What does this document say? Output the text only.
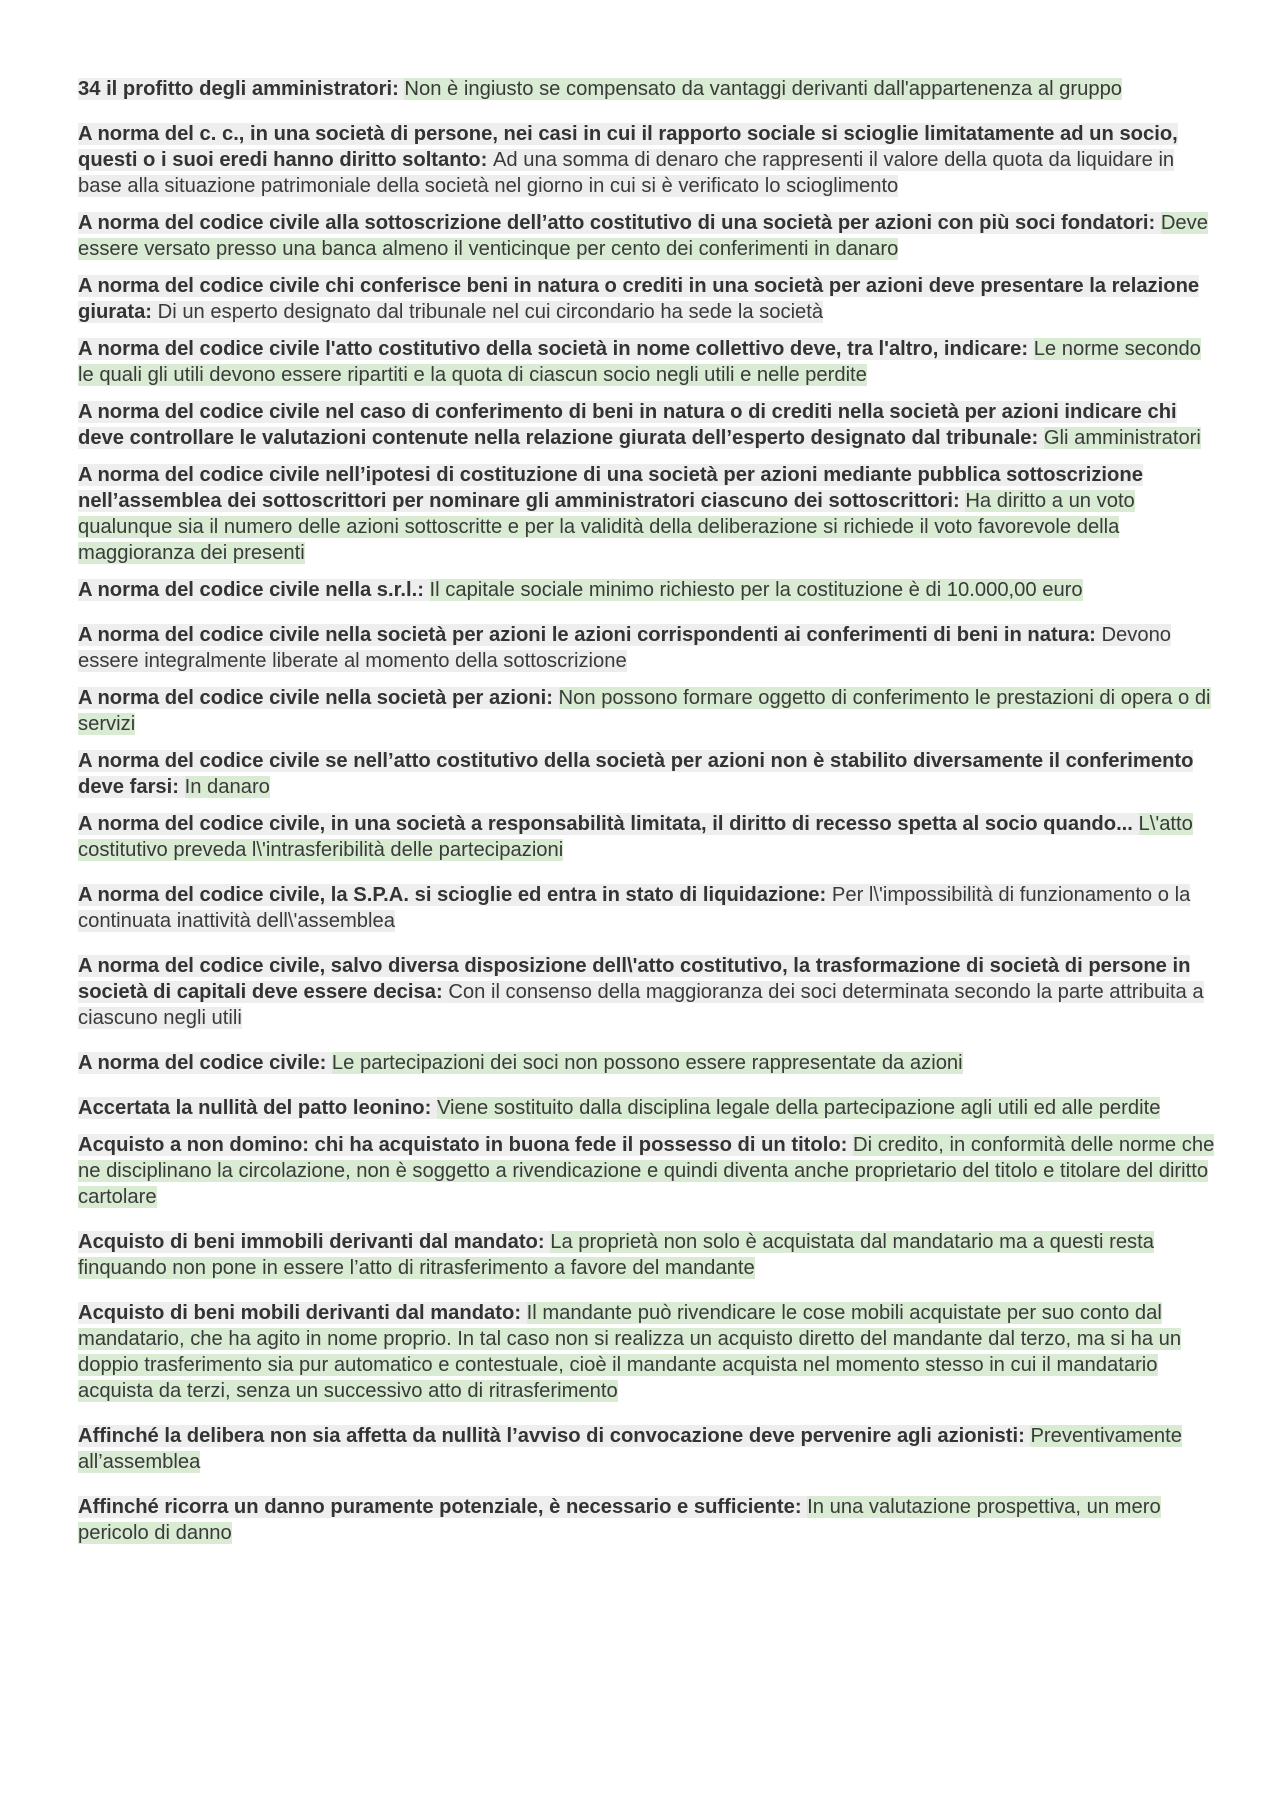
34 il profitto degli amministratori: Non è ingiusto se compensato da vantaggi derivanti dall'appartenenza al gruppo

A norma del c. c., in una società di persone, nei casi in cui il rapporto sociale si scioglie limitatamente ad un socio, questi o i suoi eredi hanno diritto soltanto: Ad una somma di denaro che rappresenti il valore della quota da liquidare in base alla situazione patrimoniale della società nel giorno in cui si è verificato lo scioglimento

A norma del codice civile alla sottoscrizione dell’atto costitutivo di una società per azioni con più soci fondatori: Deve essere versato presso una banca almeno il venticinque per cento dei conferimenti in danaro

A norma del codice civile chi conferisce beni in natura o crediti in una società per azioni deve presentare la relazione giurata: Di un esperto designato dal tribunale nel cui circondario ha sede la società

A norma del codice civile l'atto costitutivo della società in nome collettivo deve, tra l'altro, indicare: Le norme secondo le quali gli utili devono essere ripartiti e la quota di ciascun socio negli utili e nelle perdite

A norma del codice civile nel caso di conferimento di beni in natura o di crediti nella società per azioni indicare chi deve controllare le valutazioni contenute nella relazione giurata dell’esperto designato dal tribunale: Gli amministratori

A norma del codice civile nell’ipotesi di costituzione di una società per azioni mediante pubblica sottoscrizione nell’assemblea dei sottoscrittori per nominare gli amministratori ciascuno dei sottoscrittori: Ha diritto a un voto qualunque sia il numero delle azioni sottoscritte e per la validità della deliberazione si richiede il voto favorevole della maggioranza dei presenti

A norma del codice civile nella s.r.l.: Il capitale sociale minimo richiesto per la costituzione è di 10.000,00 euro

A norma del codice civile nella società per azioni le azioni corrispondenti ai conferimenti di beni in natura: Devono essere integralmente liberate al momento della sottoscrizione

A norma del codice civile nella società per azioni: Non possono formare oggetto di conferimento le prestazioni di opera o di servizi

A norma del codice civile se nell’atto costitutivo della società per azioni non è stabilito diversamente il conferimento deve farsi: In danaro

A norma del codice civile, in una società a responsabilità limitata, il diritto di recesso spetta al socio quando... L\'atto costitutivo preveda l\'intrasferibilità delle partecipazioni

A norma del codice civile, la S.P.A. si scioglie ed entra in stato di liquidazione: Per l\'impossibilità di funzionamento o la continuata inattività dell\'assemblea

A norma del codice civile, salvo diversa disposizione dell\'atto costitutivo, la trasformazione di società di persone in società di capitali deve essere decisa: Con il consenso della maggioranza dei soci determinata secondo la parte attribuita a ciascuno negli utili

A norma del codice civile: Le partecipazioni dei soci non possono essere rappresentate da azioni

Accertata la nullità del patto leonino: Viene sostituito dalla disciplina legale della partecipazione agli utili ed alle perdite

Acquisto a non domino: chi ha acquistato in buona fede il possesso di un titolo: Di credito, in conformità delle norme che ne disciplinano la circolazione, non è soggetto a rivendicazione e quindi diventa anche proprietario del titolo e titolare del diritto cartolare

Acquisto di beni immobili derivanti dal mandato: La proprietà non solo è acquistata dal mandatario ma a questi resta finquando non pone in essere l’atto di ritrasferimento a favore del mandante

Acquisto di beni mobili derivanti dal mandato: Il mandante può rivendicare le cose mobili acquistate per suo conto dal mandatario, che ha agito in nome proprio. In tal caso non si realizza un acquisto diretto del mandante dal terzo, ma si ha un doppio trasferimento sia pur automatico e contestuale, cioè il mandante acquista nel momento stesso in cui il mandatario acquista da terzi, senza un successivo atto di ritrasferimento

Affinché la delibera non sia affetta da nullità l’avviso di convocazione deve pervenire agli azionisti: Preventivamente all’assemblea

Affinché ricorra un danno puramente potenziale, è necessario e sufficiente: In una valutazione prospettiva, un mero pericolo di danno
